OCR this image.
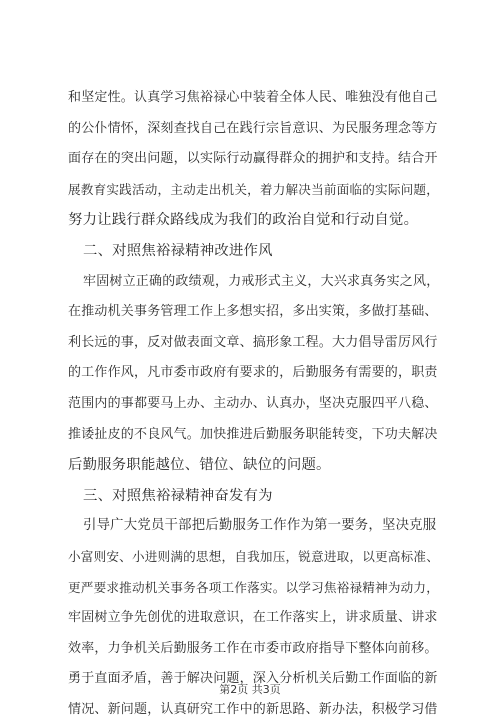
和坚定性。认真学习焦裕禄心中装着全体人民、唯独没有他自己
的公仆情怀，深刻查找自己在践行宗旨意识、为民服务理念等方
面存在的突出问题，以实际行动赢得群众的拥护和支持。结合开
展教育实践活动，主动走出机关，着力解决当前面临的实际问题，
努力让践行群众路线成为我们的政治自觉和行动自觉。
二、对照焦裕禄精神改进作风
牢固树立正确的政绩观，力戒形式主义，大兴求真务实之风，
在推动机关事务管理工作上多想实招，多出实策，多做打基础、
利长远的事，反对做表面文章、搞形象工程。大力倡导雷厉风行
的工作作风，凡市委市政府有要求的，后勤服务有需要的，职责
范围内的事都要马上办、主动办、认真办，坚决克服四平八稳、
推诿扯皮的不良风气。加快推进后勤服务职能转变，下功夫解决
后勤服务职能越位、错位、缺位的问题。
三、对照焦裕禄精神奋发有为
引导广大党员干部把后勤服务工作作为第一要务，坚决克服
小富则安、小进则满的思想，自我加压，锐意进取，以更高标准、
更严要求推动机关事务各项工作落实。以学习焦裕禄精神为动力，
牢固树立争先创优的进取意识，在工作落实上，讲求质量、讲求
效率，力争机关后勤服务工作在市委市政府指导下整体向前移。
勇于直面矛盾，善于解决问题，深入分析机关后勤工作面临的新
情况、新问题，认真研究工作中的新思路、新办法，积极学习借
第2页 共3页
